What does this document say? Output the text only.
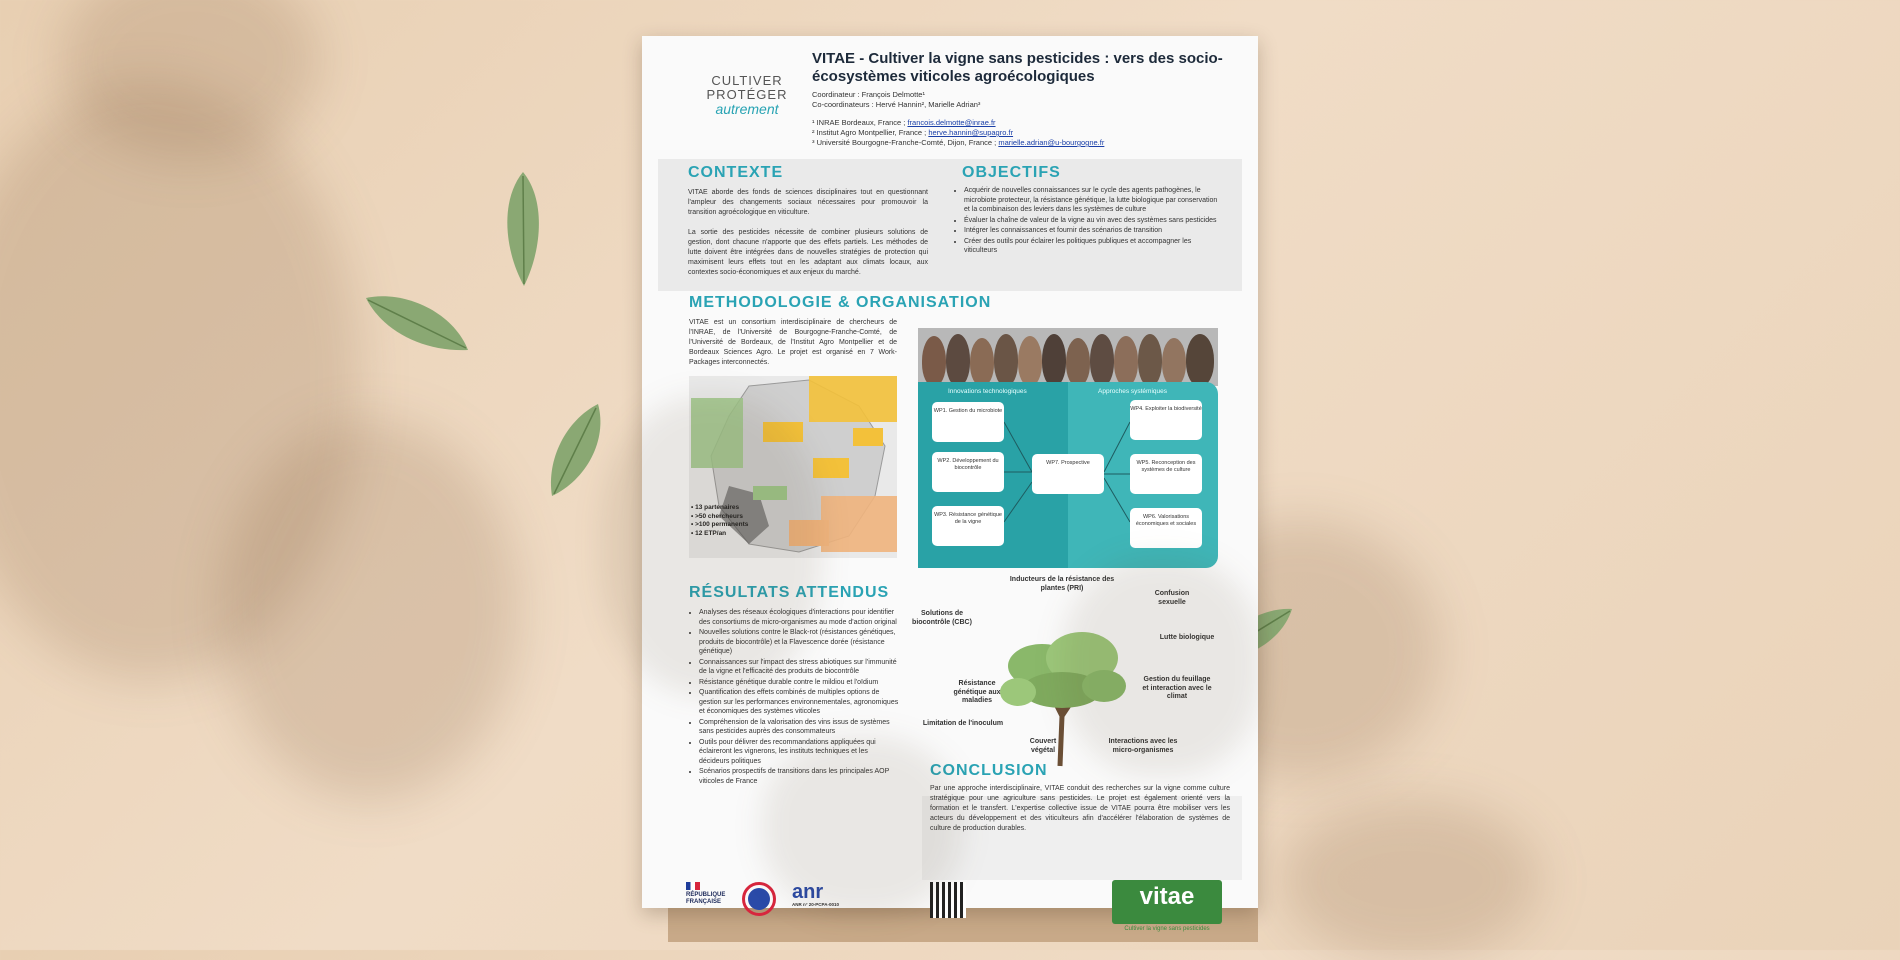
CULTIVER
PROTÉGER
autrement
VITAE - Cultiver la vigne sans pesticides : vers des socio-écosystèmes viticoles agroécologiques
Coordinateur : François Delmotte¹
Co-coordinateurs : Hervé Hannin², Marielle Adrian³
¹ INRAE Bordeaux, France ; francois.delmotte@inrae.fr
² Institut Agro Montpellier, France ; herve.hannin@supagro.fr
³ Université Bourgogne-Franche-Comté, Dijon, France ; marielle.adrian@u-bourgogne.fr
CONTEXTE
VITAE aborde des fonds de sciences disciplinaires tout en questionnant l'ampleur des changements sociaux nécessaires pour promouvoir la transition agroécologique en viticulture.
La sortie des pesticides nécessite de combiner plusieurs solutions de gestion, dont chacune n'apporte que des effets partiels. Les méthodes de lutte doivent être intégrées dans de nouvelles stratégies de protection qui maximisent leurs effets tout en les adaptant aux climats locaux, aux contextes socio-économiques et aux enjeux du marché.
OBJECTIFS
• Acquérir de nouvelles connaissances sur le cycle des agents pathogènes, le microbiote protecteur, la résistance génétique, la lutte biologique par conservation et la combinaison des leviers dans les systèmes de culture
• Évaluer la chaîne de valeur de la vigne au vin avec des systèmes sans pesticides
• Intégrer les connaissances et fournir des scénarios de transition
• Créer des outils pour éclairer les politiques publiques et accompagner les viticulteurs
METHODOLOGIE & ORGANISATION
VITAE est un consortium interdisciplinaire de chercheurs de l'INRAE, de l'Université de Bourgogne-Franche-Comté, de l'Université de Bordeaux, de l'Institut Agro Montpellier et de Bordeaux Sciences Agro. Le projet est organisé en 7 Work-Packages interconnectés.
• 13 partenaires
• >50 chercheurs
• >100 permanents
• 12 ETP/an
Innovations technologiques	Approches systémiques
WP1. Gestion du microbiote
WP2. Développement du biocontrôle
WP3. Résistance génétique de la vigne
WP7. Prospective
WP4. Exploiter la biodiversité
WP5. Reconception des systèmes de culture
WP6. Valorisations économiques et sociales
RÉSULTATS ATTENDUS
• Analyses des réseaux écologiques d'interactions pour identifier des consortiums de micro-organismes au mode d'action original
• Nouvelles solutions contre le Black-rot (résistances génétiques, produits de biocontrôle) et la Flavescence dorée (résistance génétique)
• Connaissances sur l'impact des stress abiotiques sur l'immunité de la vigne et l'efficacité des produits de biocontrôle
• Résistance génétique durable contre le mildiou et l'oïdium
• Quantification des effets combinés de multiples options de gestion sur les performances environnementales, agronomiques et économiques des systèmes viticoles
• Compréhension de la valorisation des vins issus de systèmes sans pesticides auprès des consommateurs
• Outils pour délivrer des recommandations appliquées qui éclaireront les vignerons, les instituts techniques et les décideurs politiques
• Scénarios prospectifs de transitions dans les principales AOP viticoles de France
Inducteurs de la résistance des plantes (PRI)
Confusion sexuelle
Solutions de biocontrôle (CBC)
Lutte biologique
Résistance génétique aux maladies
Gestion du feuillage et interaction avec le climat
Limitation de l'inoculum
Couvert végétal
Interactions avec les micro-organismes
CONCLUSION
Par une approche interdisciplinaire, VITAE conduit des recherches sur la vigne comme culture stratégique pour une agriculture sans pesticides. Le projet est également orienté vers la formation et le transfert. L'expertise collective issue de VITAE pourra être mobiliser vers les acteurs du développement et des viticulteurs afin d'accélérer l'élaboration de systèmes de culture de production durables.
RÉPUBLIQUE
FRANÇAISE	anr
ANR n° 20-PCPA-0010	vitae
Cultiver la vigne sans pesticides
